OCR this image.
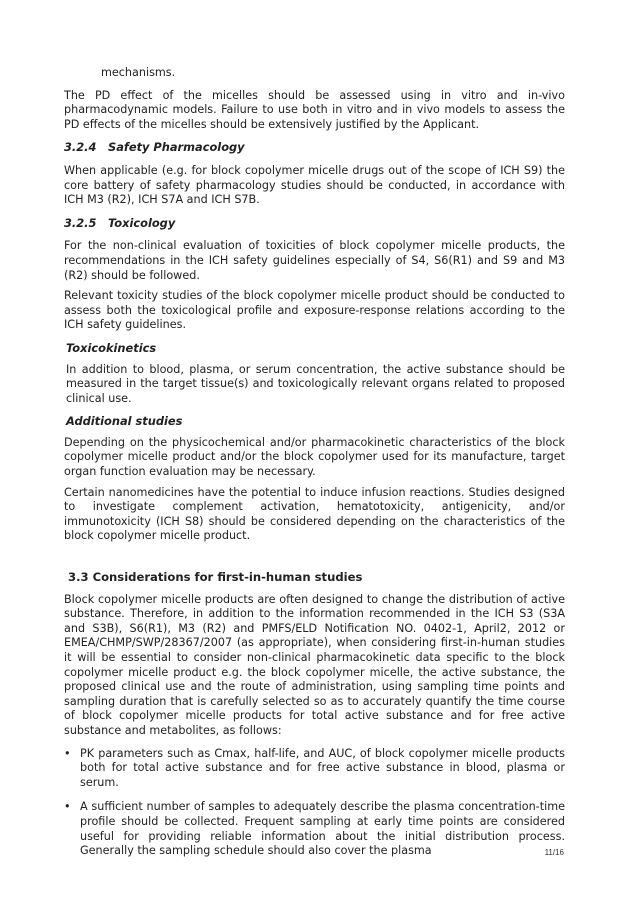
mechanisms.

The PD effect of the micelles should be assessed using in vitro and in-vivo pharmacodynamic models. Failure to use both in vitro and in vivo models to assess the PD effects of the micelles should be extensively justified by the Applicant.

3.2.4 Safety Pharmacology

When applicable (e.g. for block copolymer micelle drugs out of the scope of ICH S9) the core battery of safety pharmacology studies should be conducted, in accordance with ICH M3 (R2), ICH S7A and ICH S7B.

3.2.5 Toxicology

For the non-clinical evaluation of toxicities of block copolymer micelle products, the recommendations in the ICH safety guidelines especially of S4, S6(R1) and S9 and M3 (R2) should be followed.

Relevant toxicity studies of the block copolymer micelle product should be conducted to assess both the toxicological profile and exposure-response relations according to the ICH safety guidelines.

Toxicokinetics

In addition to blood, plasma, or serum concentration, the active substance should be measured in the target tissue(s) and toxicologically relevant organs related to proposed clinical use.

Additional studies

Depending on the physicochemical and/or pharmacokinetic characteristics of the block copolymer micelle product and/or the block copolymer used for its manufacture, target organ function evaluation may be necessary.

Certain nanomedicines have the potential to induce infusion reactions. Studies designed to investigate complement activation, hematotoxicity, antigenicity, and/or immunotoxicity (ICH S8) should be considered depending on the characteristics of the block copolymer micelle product.

3.3 Considerations for first-in-human studies

Block copolymer micelle products are often designed to change the distribution of active substance. Therefore, in addition to the information recommended in the ICH S3 (S3A and S3B), S6(R1), M3 (R2) and PMFS/ELD Notification NO. 0402-1, April2, 2012 or EMEA/CHMP/SWP/28367/2007 (as appropriate), when considering first-in-human studies it will be essential to consider non-clinical pharmacokinetic data specific to the block copolymer micelle product e.g. the block copolymer micelle, the active substance, the proposed clinical use and the route of administration, using sampling time points and sampling duration that is carefully selected so as to accurately quantify the time course of block copolymer micelle products for total active substance and for free active substance and metabolites, as follows:

• PK parameters such as Cmax, half-life, and AUC, of block copolymer micelle products both for total active substance and for free active substance in blood, plasma or serum.
• A sufficient number of samples to adequately describe the plasma concentration-time profile should be collected. Frequent sampling at early time points are considered useful for providing reliable information about the initial distribution process. Generally the sampling schedule should also cover the plasma	11/16
